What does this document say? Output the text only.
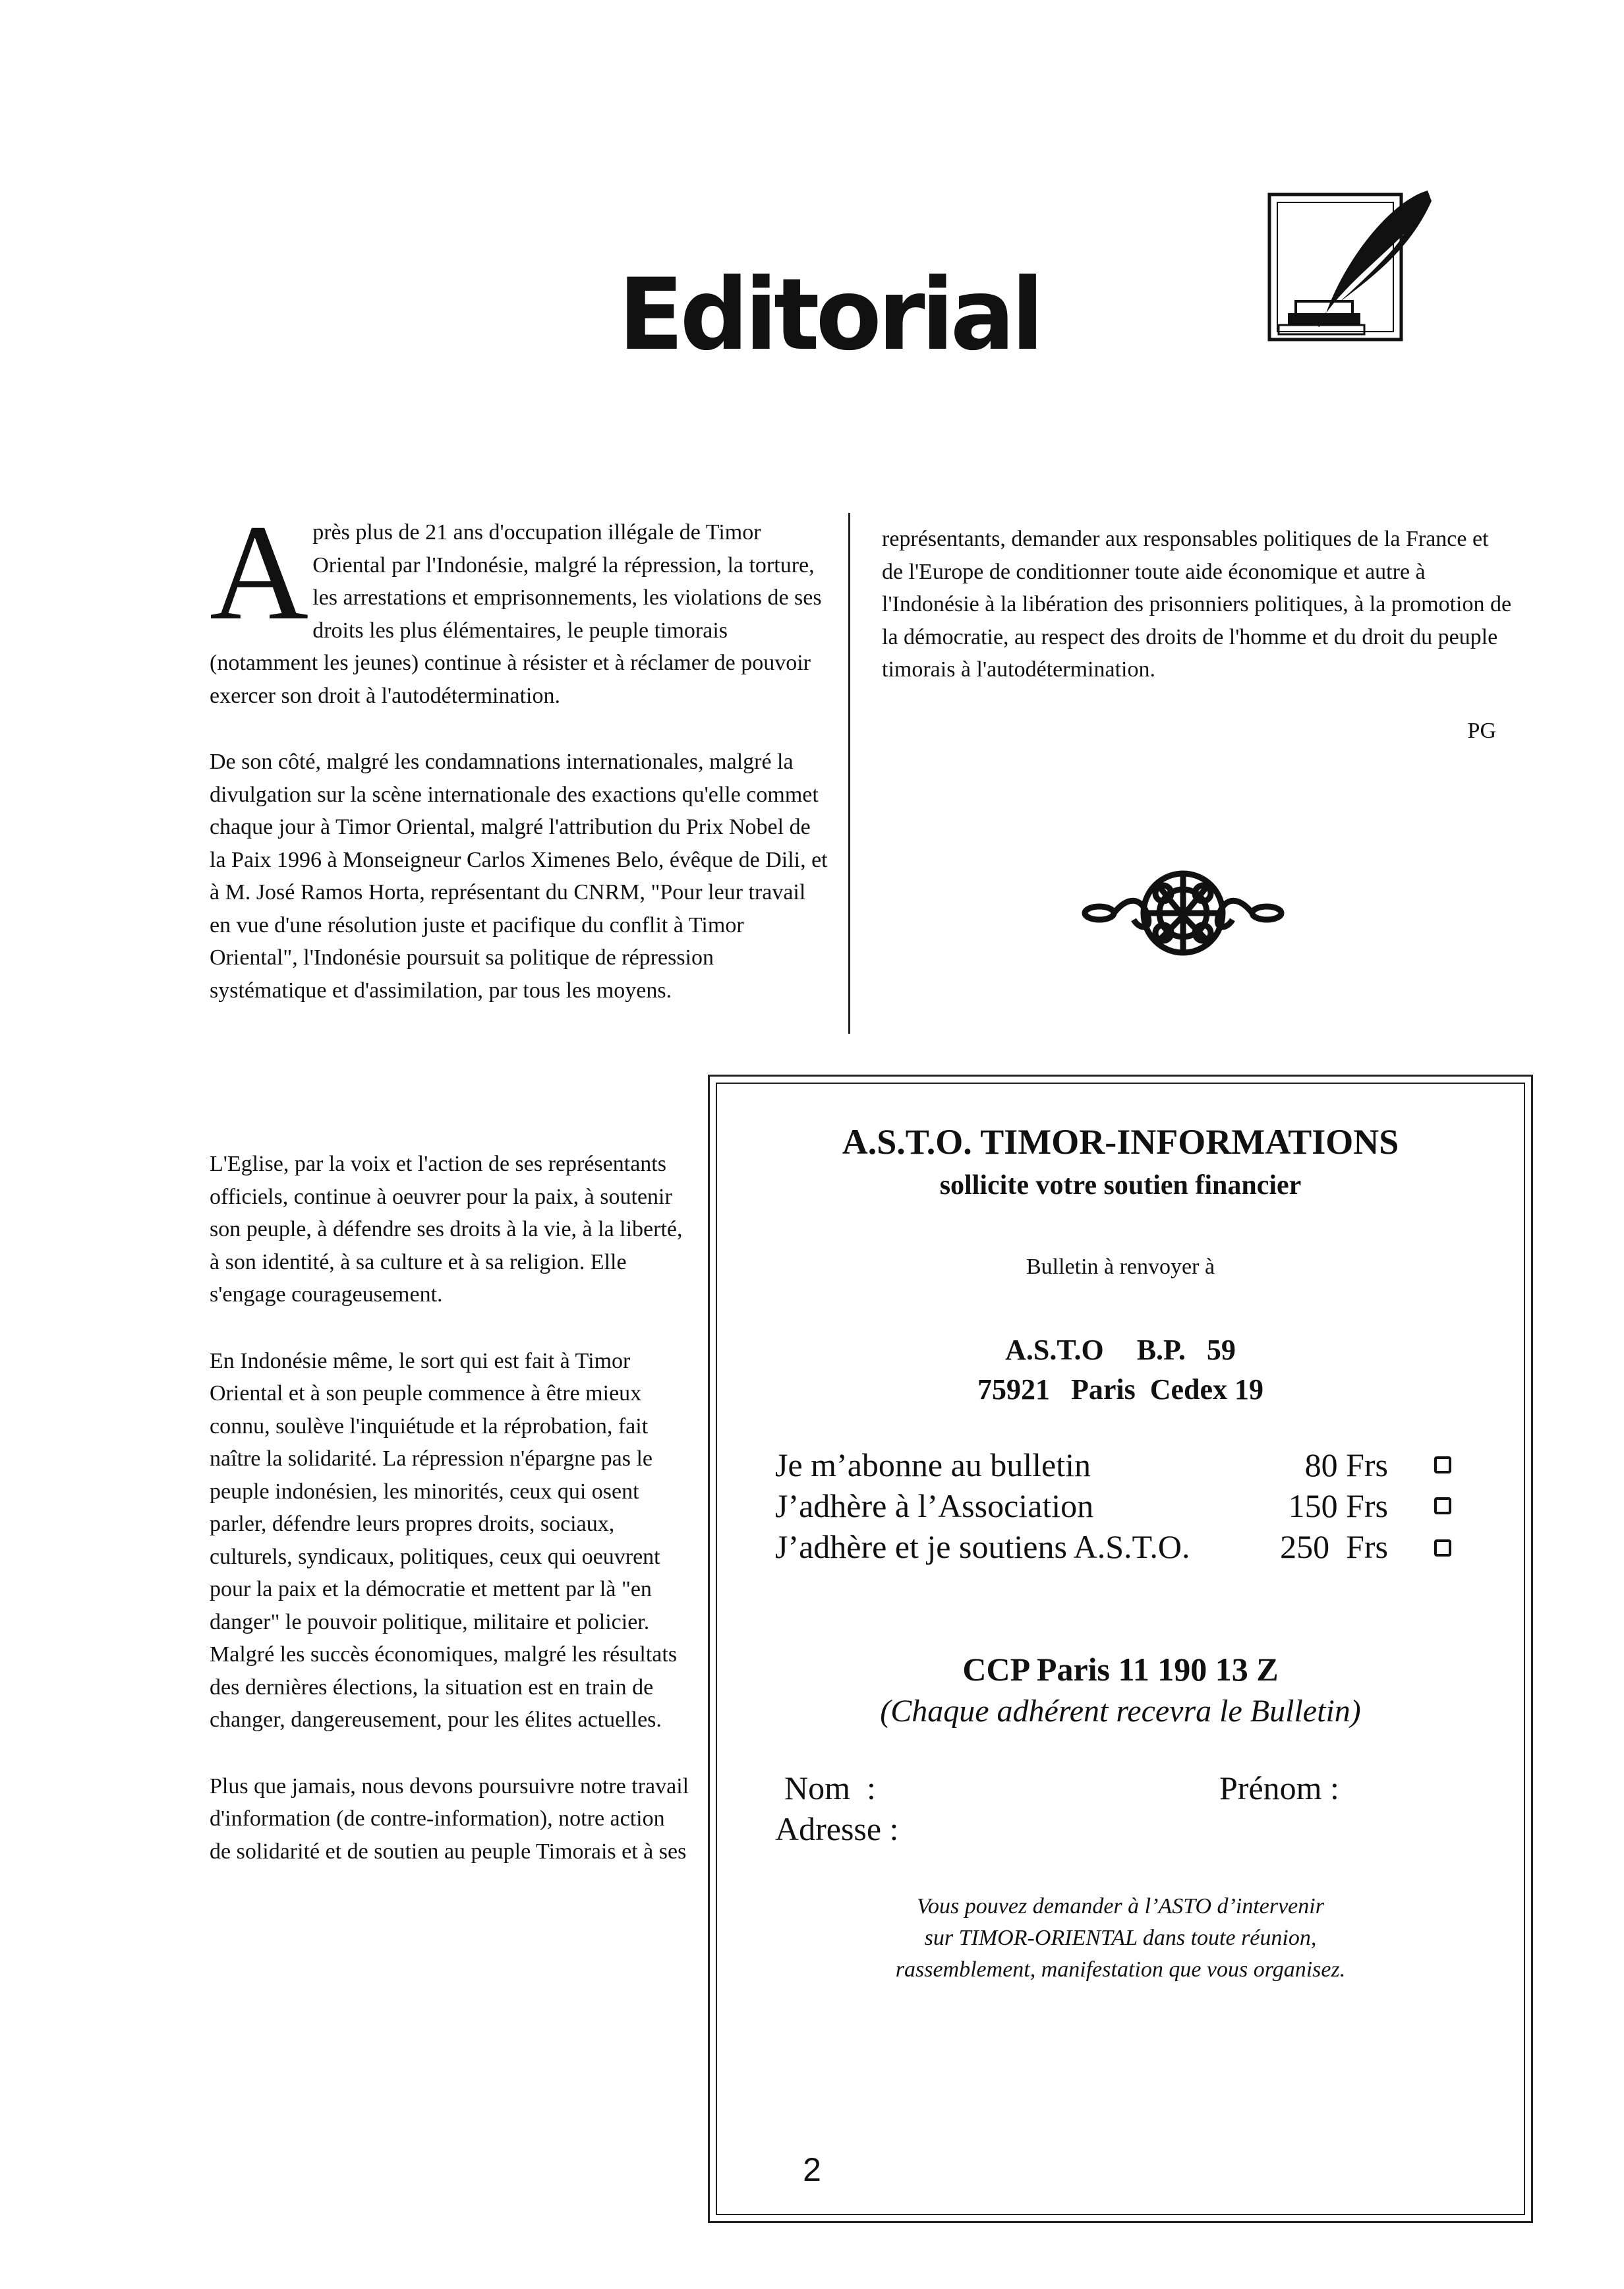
Editorial

Après plus de 21 ans d'occupation illégale de Timor Oriental par l'Indonésie, malgré la répression, la torture, les arrestations et emprisonnements, les violations de ses droits les plus élémentaires, le peuple timorais (notamment les jeunes) continue à résister et à réclamer de pouvoir exercer son droit à l'autodétermination.

De son côté, malgré les condamnations internationales, malgré la divulgation sur la scène internationale des exactions qu'elle commet chaque jour à Timor Oriental, malgré l'attribution du Prix Nobel de la Paix 1996 à Monseigneur Carlos Ximenes Belo, évêque de Dili, et à M. José Ramos Horta, représentant du CNRM, "Pour leur travail en vue d'une résolution juste et pacifique du conflit à Timor Oriental", l'Indonésie poursuit sa politique de répression systématique et d'assimilation, par tous les moyens.

L'Eglise, par la voix et l'action de ses représentants officiels, continue à oeuvrer pour la paix, à soutenir son peuple, à défendre ses droits à la vie, à la liberté, à son identité, à sa culture et à sa religion. Elle s'engage courageusement.

En Indonésie même, le sort qui est fait à Timor Oriental et à son peuple commence à être mieux connu, soulève l'inquiétude et la réprobation, fait naître la solidarité. La répression n'épargne pas le peuple indonésien, les minorités, ceux qui osent parler, défendre leurs propres droits, sociaux, culturels, syndicaux, politiques, ceux qui oeuvrent pour la paix et la démocratie et mettent par là "en danger" le pouvoir politique, militaire et policier. Malgré les succès économiques, malgré les résultats des dernières élections, la situation est en train de changer, dangereusement, pour les élites actuelles.

Plus que jamais, nous devons poursuivre notre travail d'information (de contre-information), notre action de solidarité et de soutien au peuple Timorais et à ses

représentants, demander aux responsables politiques de la France et de l'Europe de conditionner toute aide économique et autre à l'Indonésie à la libération des prisonniers politiques, à la promotion de la démocratie, au respect des droits de l'homme et du droit du peuple timorais à l'autodétermination.

PG
A.S.T.O. TIMOR-INFORMATIONS
sollicite votre soutien financier
Bulletin à renvoyer à
A.S.T.O B.P. 59
75921 Paris Cedex 19
Je m’abonne au bulletin	80 Frs
J’adhère à l’Association	150 Frs
J’adhère et je soutiens A.S.T.O.	250  Frs
CCP Paris 11 190 13 Z
(Chaque adhérent recevra le Bulletin)
Nom  :	Prénom :
Adresse :
Vous pouvez demander à l’ASTO d’intervenir
sur TIMOR-ORIENTAL dans toute réunion,
rassemblement, manifestation que vous organisez.
2
